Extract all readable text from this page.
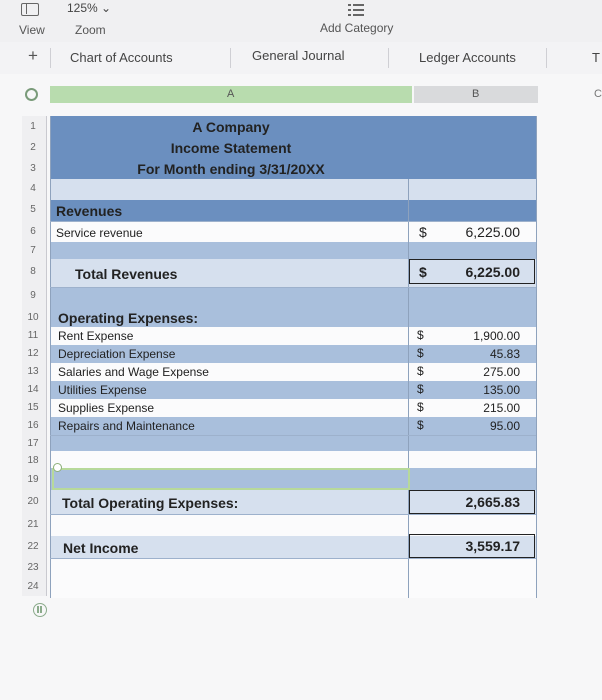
View
125% ⌄
Zoom	Add Category
+ Chart of Accounts	General Journal	Ledger Accounts	T
A	B	C
1
2
3
4
5
6
7
8
9
10
11
12
13
14
15
16
17
18
19
20
21
22
23
24
A Company
Income Statement
For Month ending 3/31/20XX
Revenues
Service revenue	$	6,225.00
Total Revenues	$	6,225.00
Operating Expenses:
Rent Expense	$	1,900.00
Depreciation Expense	$	45.83
Salaries and Wage Expense	$	275.00
Utilities Expense	$	135.00
Supplies Expense	$	215.00
Repairs and Maintenance	$	95.00
Total Operating Expenses:	2,665.83
Net Income	3,559.17
